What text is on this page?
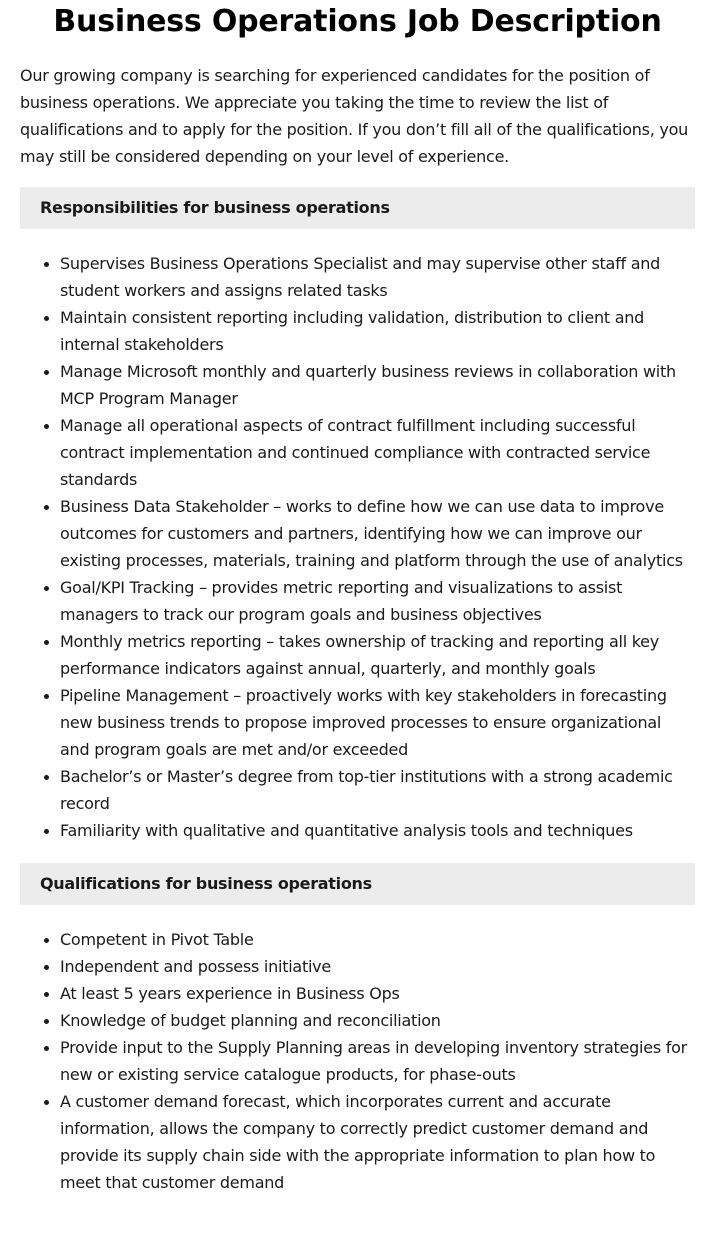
Business Operations Job Description

Our growing company is searching for experienced candidates for the position of business operations. We appreciate you taking the time to review the list of qualifications and to apply for the position. If you don’t fill all of the qualifications, you may still be considered depending on your level of experience.

Responsibilities for business operations
• Supervises Business Operations Specialist and may supervise other staff and student workers and assigns related tasks
• Maintain consistent reporting including validation, distribution to client and internal stakeholders
• Manage Microsoft monthly and quarterly business reviews in collaboration with MCP Program Manager
• Manage all operational aspects of contract fulfillment including successful contract implementation and continued compliance with contracted service standards
• Business Data Stakeholder – works to define how we can use data to improve outcomes for customers and partners, identifying how we can improve our existing processes, materials, training and platform through the use of analytics
• Goal/KPI Tracking – provides metric reporting and visualizations to assist managers to track our program goals and business objectives
• Monthly metrics reporting – takes ownership of tracking and reporting all key performance indicators against annual, quarterly, and monthly goals
• Pipeline Management – proactively works with key stakeholders in forecasting new business trends to propose improved processes to ensure organizational and program goals are met and/or exceeded
• Bachelor’s or Master’s degree from top-tier institutions with a strong academic record
• Familiarity with qualitative and quantitative analysis tools and techniques
Qualifications for business operations
• Competent in Pivot Table
• Independent and possess initiative
• At least 5 years experience in Business Ops
• Knowledge of budget planning and reconciliation
• Provide input to the Supply Planning areas in developing inventory strategies for new or existing service catalogue products, for phase-outs
• A customer demand forecast, which incorporates current and accurate information, allows the company to correctly predict customer demand and provide its supply chain side with the appropriate information to plan how to meet that customer demand
